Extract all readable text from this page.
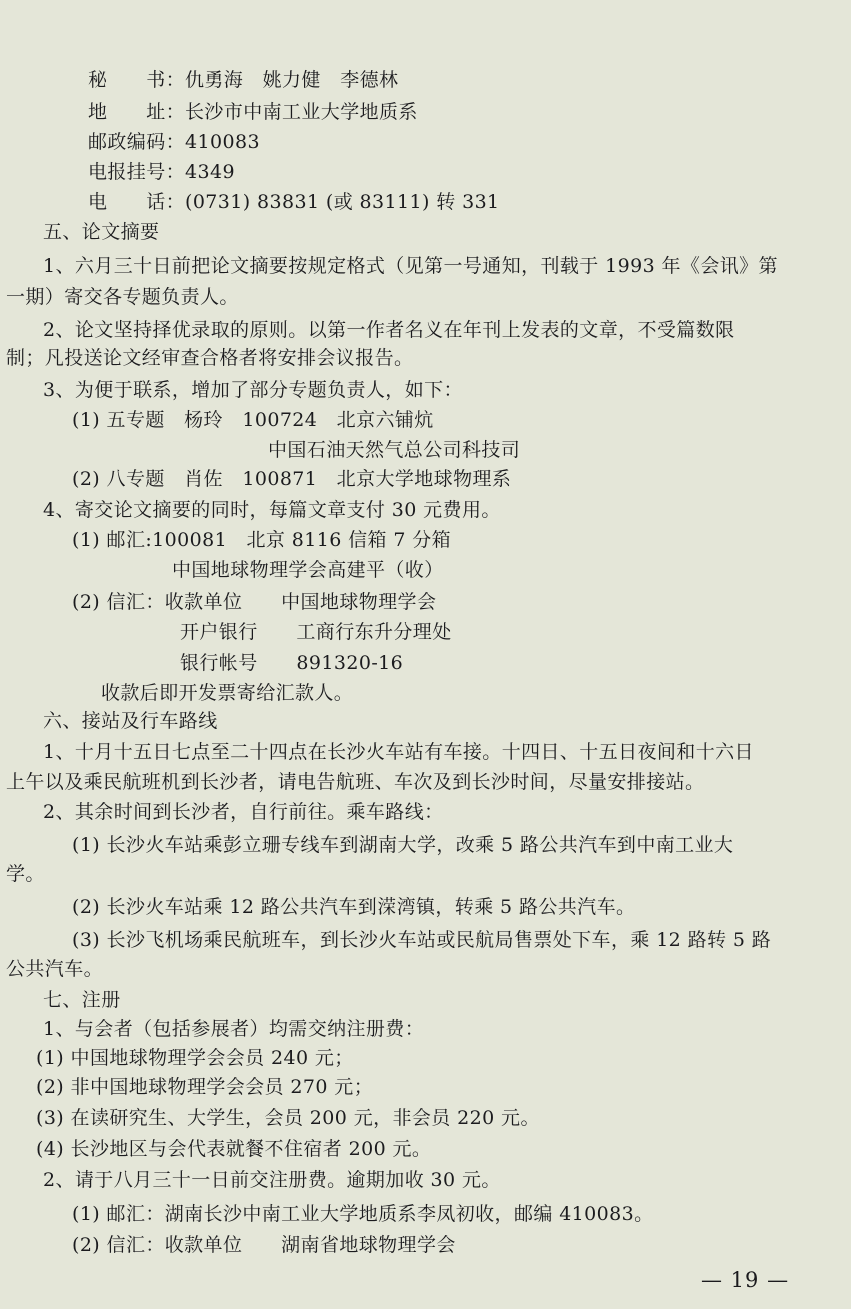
秘　　书：仇勇海　姚力健　李德林
地　　址：长沙市中南工业大学地质系
邮政编码：410083
电报挂号：4349
电　　话：(0731) 83831 (或 83111) 转 331
五、论文摘要
1、六月三十日前把论文摘要按规定格式（见第一号通知，刊载于 1993 年《会讯》第
一期）寄交各专题负责人。
2、论文坚持择优录取的原则。以第一作者名义在年刊上发表的文章，不受篇数限
制；凡投送论文经审查合格者将安排会议报告。
3、为便于联系，增加了部分专题负责人，如下：
(1) 五专题　杨玲　100724　北京六铺炕
中国石油天然气总公司科技司
(2) 八专题　肖佐　100871　北京大学地球物理系
4、寄交论文摘要的同时，每篇文章支付 30 元费用。
(1) 邮汇:100081　北京 8116 信箱 7 分箱
中国地球物理学会高建平（收）
(2) 信汇：收款单位　　中国地球物理学会
开户银行　　工商行东升分理处
银行帐号　　891320-16
收款后即开发票寄给汇款人。
六、接站及行车路线
1、十月十五日七点至二十四点在长沙火车站有车接。十四日、十五日夜间和十六日
上午以及乘民航班机到长沙者，请电告航班、车次及到长沙时间，尽量安排接站。
2、其余时间到长沙者，自行前往。乘车路线：
(1) 长沙火车站乘彭立珊专线车到湖南大学，改乘 5 路公共汽车到中南工业大
学。
(2) 长沙火车站乘 12 路公共汽车到溁湾镇，转乘 5 路公共汽车。
(3) 长沙飞机场乘民航班车，到长沙火车站或民航局售票处下车，乘 12 路转 5 路
公共汽车。
七、注册
1、与会者（包括参展者）均需交纳注册费：
(1) 中国地球物理学会会员 240 元；
(2) 非中国地球物理学会会员 270 元；
(3) 在读研究生、大学生，会员 200 元，非会员 220 元。
(4) 长沙地区与会代表就餐不住宿者 200 元。
2、请于八月三十一日前交注册费。逾期加收 30 元。
(1) 邮汇：湖南长沙中南工业大学地质系李凤初收，邮编 410083。
(2) 信汇：收款单位　　湖南省地球物理学会
— 19 —
